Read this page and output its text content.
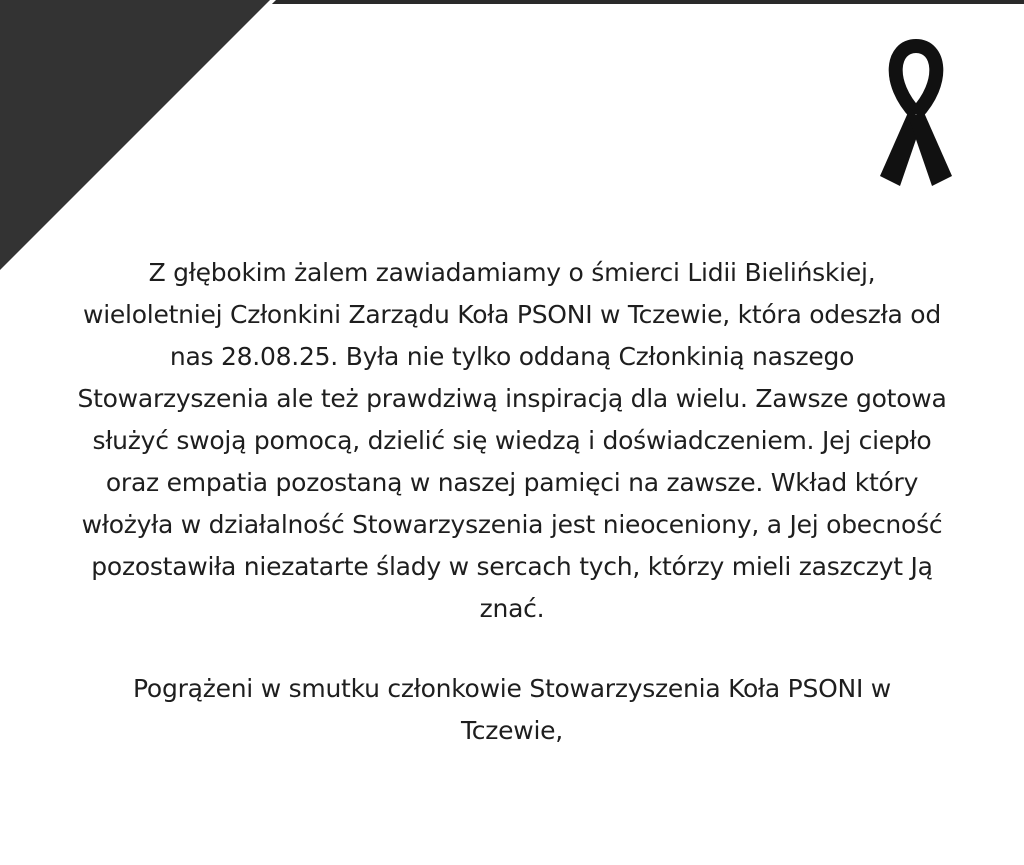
Z głębokim żalem zawiadamiamy o śmierci Lidii Bielińskiej,

wieloletniej Członkini Zarządu Koła PSONI w Tczewie, która odeszła od

nas 28.08.25. Była nie tylko oddaną Członkinią naszego

Stowarzyszenia ale też prawdziwą inspiracją dla wielu. Zawsze gotowa

służyć swoją pomocą, dzielić się wiedzą i doświadczeniem. Jej ciepło

oraz empatia pozostaną w naszej pamięci na zawsze. Wkład który

włożyła w działalność Stowarzyszenia jest nieoceniony, a Jej obecność

pozostawiła niezatarte ślady w sercach tych, którzy mieli zaszczyt Ją

znać.

Pogrążeni w smutku członkowie Stowarzyszenia Koła PSONI w

Tczewie,
